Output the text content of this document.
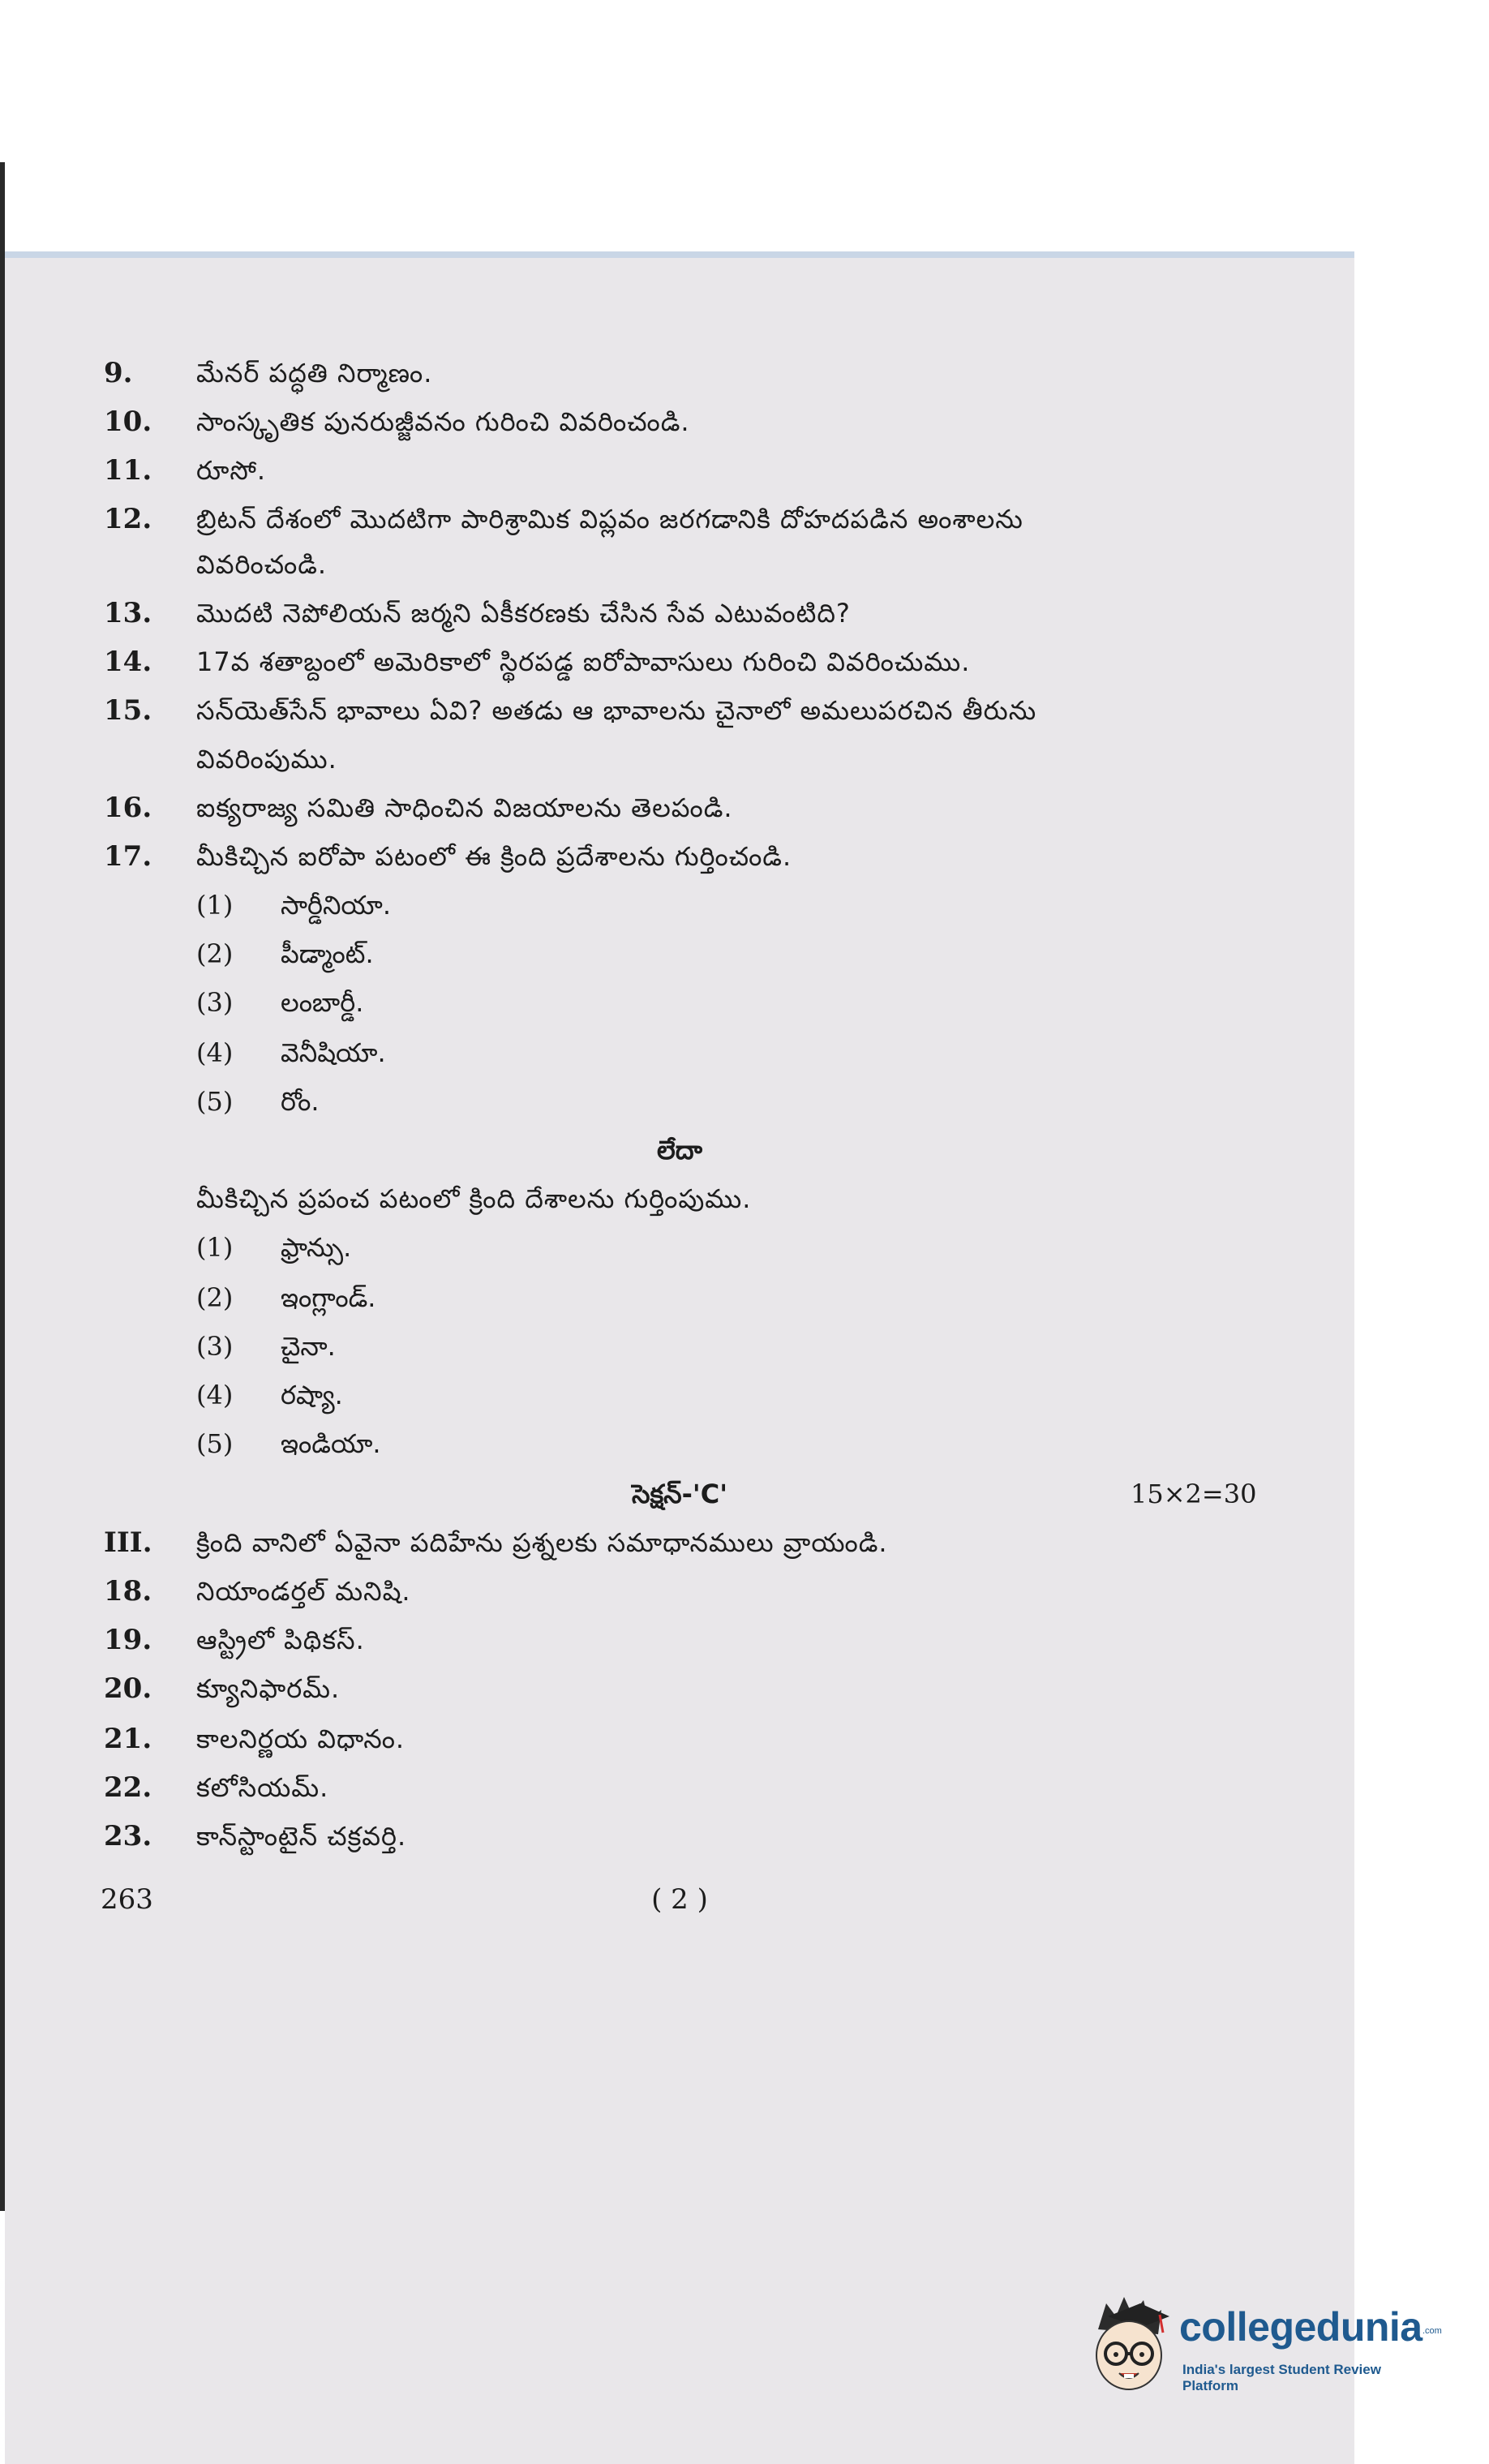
9.	మేనర్ పద్ధతి నిర్మాణం.
10.	సాంస్కృతిక పునరుజ్జీవనం గురించి వివరించండి.
11.	రూసో.
12.	బ్రిటన్ దేశంలో మొదటిగా పారిశ్రామిక విప్లవం జరగడానికి దోహదపడిన అంశాలను
వివరించండి.
13.	మొదటి నెపోలియన్ జర్మని ఏకీకరణకు చేసిన సేవ ఎటువంటిది?
14.	17వ శతాబ్దంలో అమెరికాలో స్థిరపడ్డ ఐరోపావాసులు గురించి వివరించుము.
15.	సన్‌యెత్‌సేన్ భావాలు ఏవి? అతడు ఆ భావాలను చైనాలో అమలుపరచిన తీరును
వివరింపుము.
16.	ఐక్యరాజ్య సమితి సాధించిన విజయాలను తెలపండి.
17.	మీకిచ్చిన ఐరోపా పటంలో ఈ క్రింది ప్రదేశాలను గుర్తించండి.
(1) సార్డీనియా.
(2) పీడ్మాంట్.
(3) లంబార్డీ.
(4) వెనీషియా.
(5) రోం.
లేదా
మీకిచ్చిన ప్రపంచ పటంలో క్రింది దేశాలను గుర్తింపుము.
(1) ఫ్రాన్సు.
(2) ఇంగ్లాండ్.
(3) చైనా.
(4) రష్యా.
(5) ఇండియా.
సెక్షన్-'C'	15×2=30
III.	క్రింది వానిలో ఏవైనా పదిహేను ప్రశ్నలకు సమాధానములు వ్రాయండి.
18.	నియాండర్తల్ మనిషి.
19.	ఆస్ట్రిలో పిథికస్.
20.	క్యూనిఫారమ్.
21.	కాలనిర్ణయ విధానం.
22.	కలోసియమ్.
23.	కాన్‌స్టాంటైన్ చక్రవర్తి.
263	( 2 )
collegedunia .com
India's largest Student Review Platform
